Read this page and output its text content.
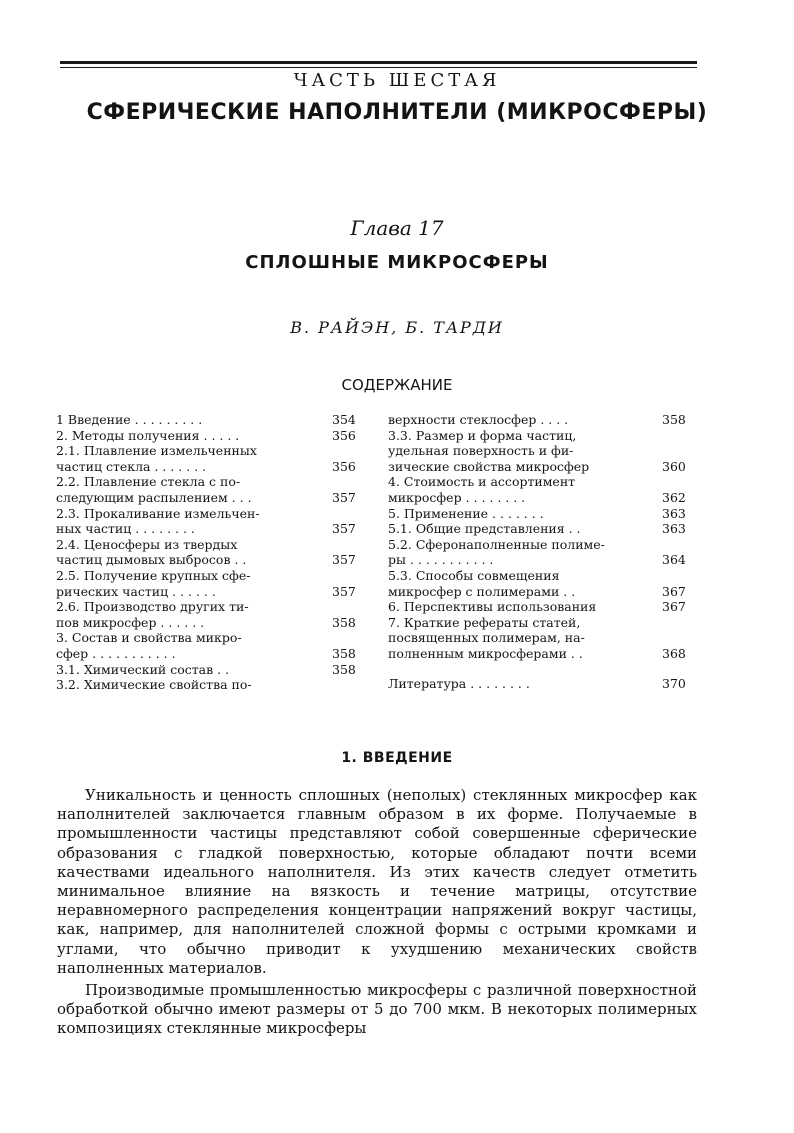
ЧАСТЬ ШЕСТАЯ
СФЕРИЧЕСКИЕ НАПОЛНИТЕЛИ (МИКРОСФЕРЫ)
Глава 17
СПЛОШНЫЕ МИКРОСФЕРЫ
В. РАЙЭН, Б. ТАРДИ
СОДЕРЖАНИЕ
1 Введение . . . . . . . . .	354
2. Методы получения . . . . .	356
2.1. Плавление измельченных
частиц стекла . . . . . . .	356
2.2. Плавление стекла с по-
следующим распылением . . .	357
2.3. Прокаливание измельчен-
ных частиц . . . . . . . .	357
2.4. Ценосферы из твердых
частиц дымовых выбросов . .	357
2.5. Получение крупных сфе-
рических частиц . . . . . .	357
2.6. Производство других ти-
пов микросфер . . . . . .	358
3. Состав и свойства микро-
сфер . . . . . . . . . . .	358
3.1. Химический состав . .	358
3.2. Химические свойства по-
верхности стеклосфер . . . .	358
3.3. Размер и форма частиц,
удельная поверхность и фи-
зические свойства микросфер	360
4. Стоимость и ассортимент
микросфер . . . . . . . .	362
5. Применение . . . . . . .	363
5.1. Общие представления . .	363
5.2. Сферонаполненные полиме-
ры . . . . . . . . . . .	364
5.3. Способы совмещения
микросфер с полимерами . .	367
6. Перспективы использования	367
7. Краткие рефераты статей,
посвященных полимерам, на-
полненным микросферами . .	368
Литература . . . . . . . .	370
1. ВВЕДЕНИЕ

Уникальность и ценность сплошных (неполых) стеклянных микросфер как наполнителей заключается главным образом в их форме. Получаемые в промышленности частицы представляют собой совершенные сферические образования с гладкой поверхностью, которые обладают почти всеми качествами идеального наполнителя. Из этих качеств следует отметить минимальное влияние на вязкость и течение матрицы, отсутствие неравномерного распределения концентрации напряжений вокруг частицы, как, например, для наполнителей сложной формы с острыми кромками и углами, что обычно приводит к ухудшению механических свойств наполненных материалов.

Производимые промышленностью микросферы с различной поверхностной обработкой обычно имеют размеры от 5 до 700 мкм. В некоторых полимерных композициях стеклянные микросферы
